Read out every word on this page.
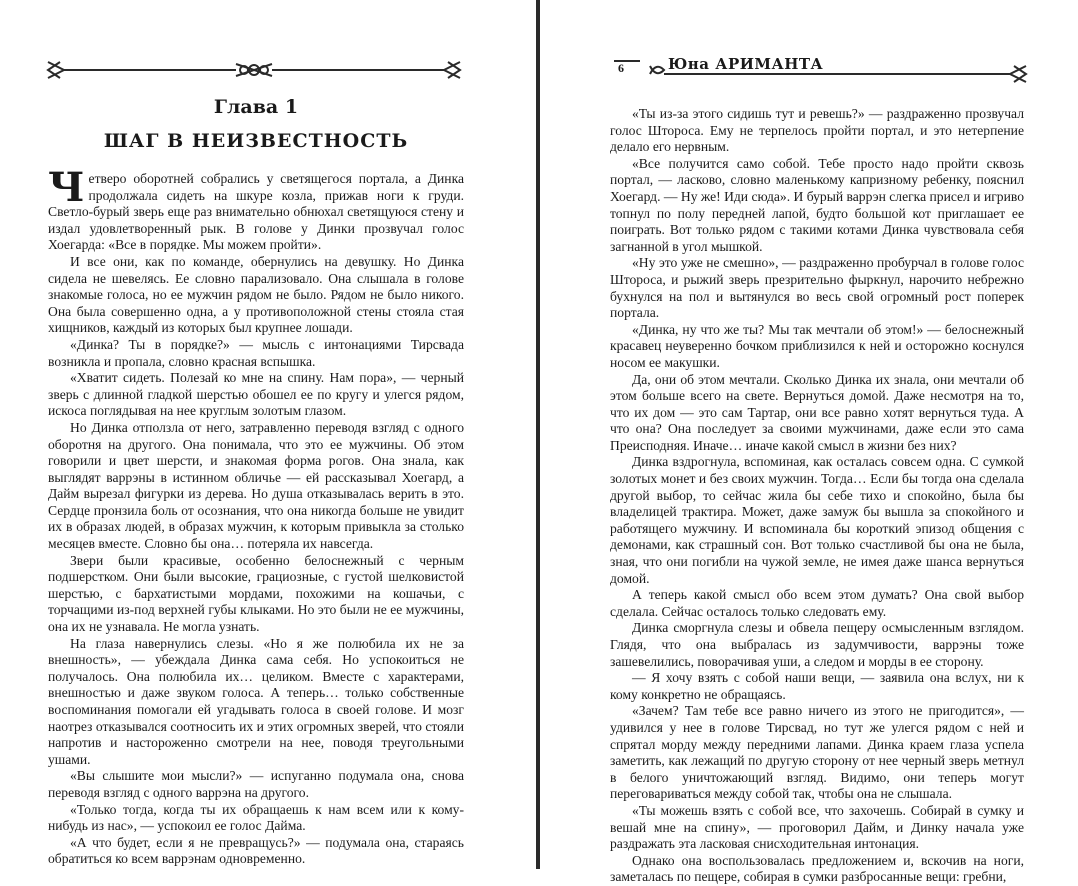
Глава 1
ШАГ В НЕИЗВЕСТНОСТЬ

Четверо оборотней собрались у светящегося портала, а Динка продолжала сидеть на шкуре козла, прижав ноги к груди. Светло-бурый зверь еще раз внимательно обнюхал светящуюся стену и издал удовлетворенный рык. В голове у Динки прозвучал голос Хоегарда: «Все в порядке. Мы можем пройти».

И все они, как по команде, обернулись на девушку. Но Динка сидела не шевелясь. Ее словно парализовало. Она слышала в голове знакомые голоса, но ее мужчин рядом не было. Рядом не было никого. Она была совершенно одна, а у противоположной стены стояла стая хищников, каждый из которых был крупнее лошади.

«Динка? Ты в порядке?» — мысль с интонациями Тирсвада возникла и пропала, словно красная вспышка.

«Хватит сидеть. Полезай ко мне на спину. Нам пора», — черный зверь с длинной гладкой шерстью обошел ее по кругу и улегся рядом, искоса поглядывая на нее круглым золотым глазом.

Но Динка отползла от него, затравленно переводя взгляд с одного оборотня на другого. Она понимала, что это ее мужчины. Об этом говорили и цвет шерсти, и знакомая форма рогов. Она знала, как выглядят варрэны в истинном обличье — ей рассказывал Хоегард, а Дайм вырезал фигурки из дерева. Но душа отказывалась верить в это. Сердце пронзила боль от осознания, что она никогда больше не увидит их в образах людей, в образах мужчин, к которым привыкла за столько месяцев вместе. Словно бы она… потеряла их навсегда.

Звери были красивые, особенно белоснежный с черным подшерстком. Они были высокие, грациозные, с густой шелковистой шерстью, с бархатистыми мордами, похожими на кошачьи, с торчащими из-под верхней губы клыками. Но это были не ее мужчины, она их не узнавала. Не могла узнать.

На глаза навернулись слезы. «Но я же полюбила их не за внешность», — убеждала Динка сама себя. Но успокоиться не получалось. Она полюбила их… целиком. Вместе с характерами, внешностью и даже звуком голоса. А теперь… только собственные воспоминания помогали ей угадывать голоса в своей голове. И мозг наотрез отказывался соотносить их и этих огромных зверей, что стояли напротив и настороженно смотрели на нее, поводя треугольными ушами.

«Вы слышите мои мысли?» — испуганно подумала она, снова переводя взгляд с одного варрэна на другого.

«Только тогда, когда ты их обращаешь к нам всем или к кому-нибудь из нас», — успокоил ее голос Дайма.

«А что будет, если я не превращусь?» — подумала она, стараясь обратиться ко всем варрэнам одновременно.

6	Юна АРИМАНТА

«Ты из-за этого сидишь тут и ревешь?» — раздраженно прозвучал голос Штороса. Ему не терпелось пройти портал, и это нетерпение делало его нервным.

«Все получится само собой. Тебе просто надо пройти сквозь портал, — ласково, словно маленькому капризному ребенку, пояснил Хоегард. — Ну же! Иди сюда». И бурый варрэн слегка присел и игриво топнул по полу передней лапой, будто большой кот приглашает ее поиграть. Вот только рядом с такими котами Динка чувствовала себя загнанной в угол мышкой.

«Ну это уже не смешно», — раздраженно пробурчал в голове голос Штороса, и рыжий зверь презрительно фыркнул, нарочито небрежно бухнулся на пол и вытянулся во весь свой огромный рост поперек портала.

«Динка, ну что же ты? Мы так мечтали об этом!» — белоснежный красавец неуверенно бочком приблизился к ней и осторожно коснулся носом ее макушки.

Да, они об этом мечтали. Сколько Динка их знала, они мечтали об этом больше всего на свете. Вернуться домой. Даже несмотря на то, что их дом — это сам Тартар, они все равно хотят вернуться туда. А что она? Она последует за своими мужчинами, даже если это сама Преисподняя. Иначе… иначе какой смысл в жизни без них?

Динка вздрогнула, вспоминая, как осталась совсем одна. С сумкой золотых монет и без своих мужчин. Тогда… Если бы тогда она сделала другой выбор, то сейчас жила бы себе тихо и спокойно, была бы владелицей трактира. Может, даже замуж бы вышла за спокойного и работящего мужчину. И вспоминала бы короткий эпизод общения с демонами, как страшный сон. Вот только счастливой бы она не была, зная, что они погибли на чужой земле, не имея даже шанса вернуться домой.

А теперь какой смысл обо всем этом думать? Она свой выбор сделала. Сейчас осталось только следовать ему.

Динка сморгнула слезы и обвела пещеру осмысленным взглядом. Глядя, что она выбралась из задумчивости, варрэны тоже зашевелились, поворачивая уши, а следом и морды в ее сторону.

— Я хочу взять с собой наши вещи, — заявила она вслух, ни к кому конкретно не обращаясь.

«Зачем? Там тебе все равно ничего из этого не пригодится», — удивился у нее в голове Тирсвад, но тут же улегся рядом с ней и спрятал морду между передними лапами. Динка краем глаза успела заметить, как лежащий по другую сторону от нее черный зверь метнул в белого уничтожающий взгляд. Видимо, они теперь могут переговариваться между собой так, чтобы она не слышала.

«Ты можешь взять с собой все, что захочешь. Собирай в сумку и вешай мне на спину», — проговорил Дайм, и Динку начала уже раздражать эта ласковая снисходительная интонация.

Однако она воспользовалась предложением и, вскочив на ноги, заметалась по пещере, собирая в сумки разбросанные вещи: гребни,
